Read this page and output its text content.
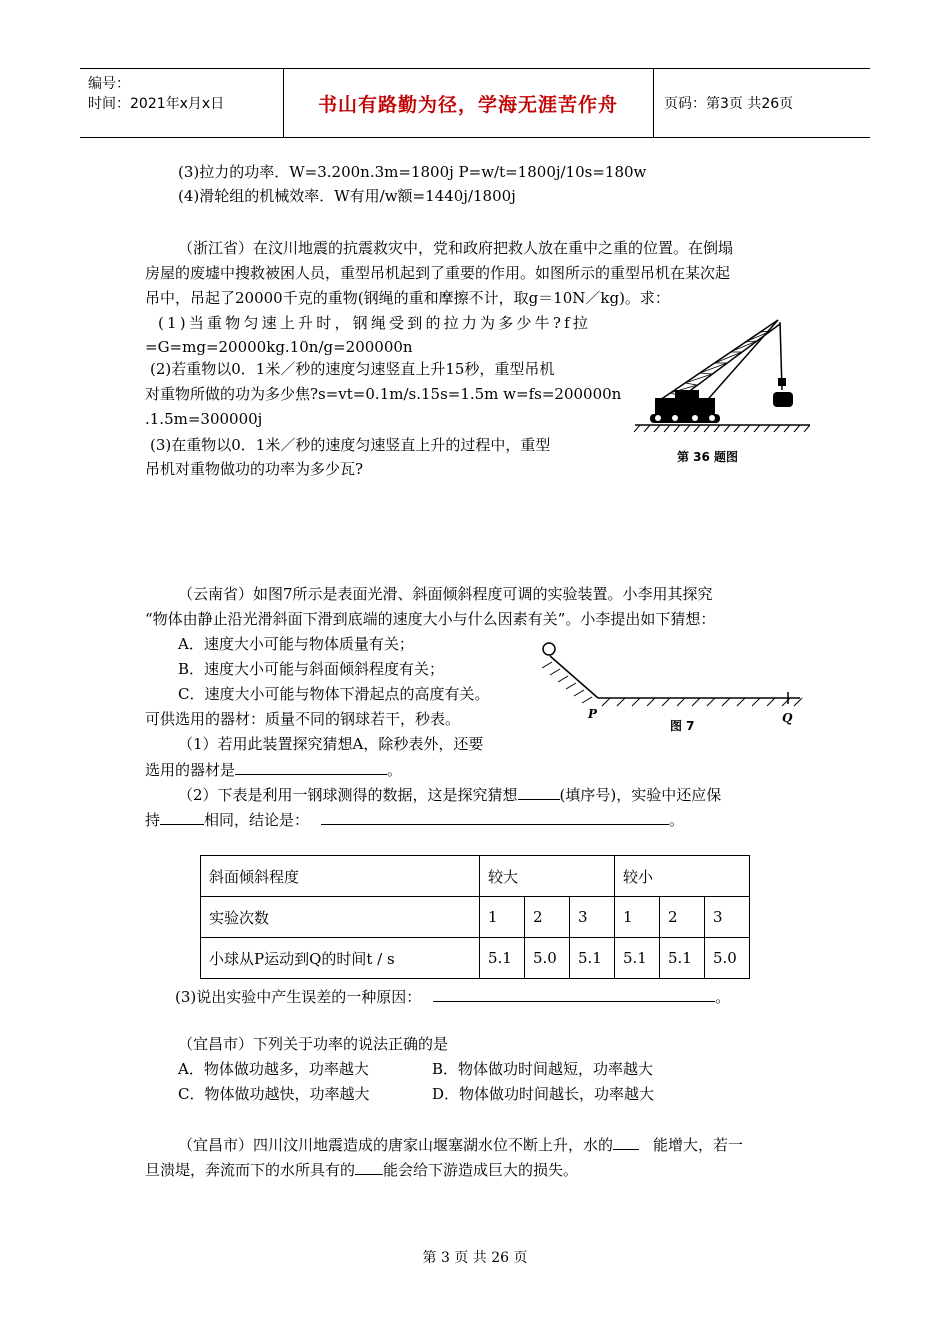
编号：
时间：2021年x月x日	书山有路勤为径，学海无涯苦作舟	页码：第3页 共26页
(3)拉力的功率．W=3.200n.3m=1800j P=w/t=1800j/10s=180w
(4)滑轮组的机械效率．W有用/w额=1440j/1800j
（浙江省）在汶川地震的抗震救灾中，党和政府把救人放在重中之重的位置。在倒塌
房屋的废墟中搜救被困人员，重型吊机起到了重要的作用。如图所示的重型吊机在某次起
吊中，吊起了20000千克的重物(钢绳的重和摩擦不计，取g＝10N／kg)。求：
(1)当重物匀速上升时，钢绳受到的拉力为多少牛?f拉
=G=mg=20000kg.10n/g=200000n
(2)若重物以0．1米／秒的速度匀速竖直上升15秒，重型吊机
对重物所做的功为多少焦?s=vt=0.1m/s.15s=1.5m w=fs=200000n
.1.5m=300000j
(3)在重物以0．1米／秒的速度匀速竖直上升的过程中，重型
吊机对重物做功的功率为多少瓦?
第 36 题图
（云南省）如图7所示是表面光滑、斜面倾斜程度可调的实验装置。小李用其探究
“物体由静止沿光滑斜面下滑到底端的速度大小与什么因素有关”。小李提出如下猜想：
A．速度大小可能与物体质量有关；
B．速度大小可能与斜面倾斜程度有关；
C．速度大小可能与物体下滑起点的高度有关。
可供选用的器材：质量不同的钢球若干，秒表。
（1）若用此装置探究猜想A，除秒表外，还要
选用的器材是	。
（2）下表是利用一钢球测得的数据，这是探究猜想	(填序号)，实验中还应保
持	相同，结论是：	。
P	Q
图 7
斜面倾斜程度	较大			较小		
实验次数	1	2	3	1	2	3
小球从P运动到Q的时间t / s	5.1	5.0	5.1	5.1	5.1	5.0
(3)说出实验中产生误差的一种原因：	。
（宜昌市）下列关于功率的说法正确的是
A．物体做功越多，功率越大	B．物体做功时间越短，功率越大
C．物体做功越快，功率越大	D．物体做功时间越长，功率越大
（宜昌市）四川汶川地震造成的唐家山堰塞湖水位不断上升，水的	能增大，若一
旦溃堤，奔流而下的水所具有的 能会给下游造成巨大的损失。
第 3 页 共 26 页
